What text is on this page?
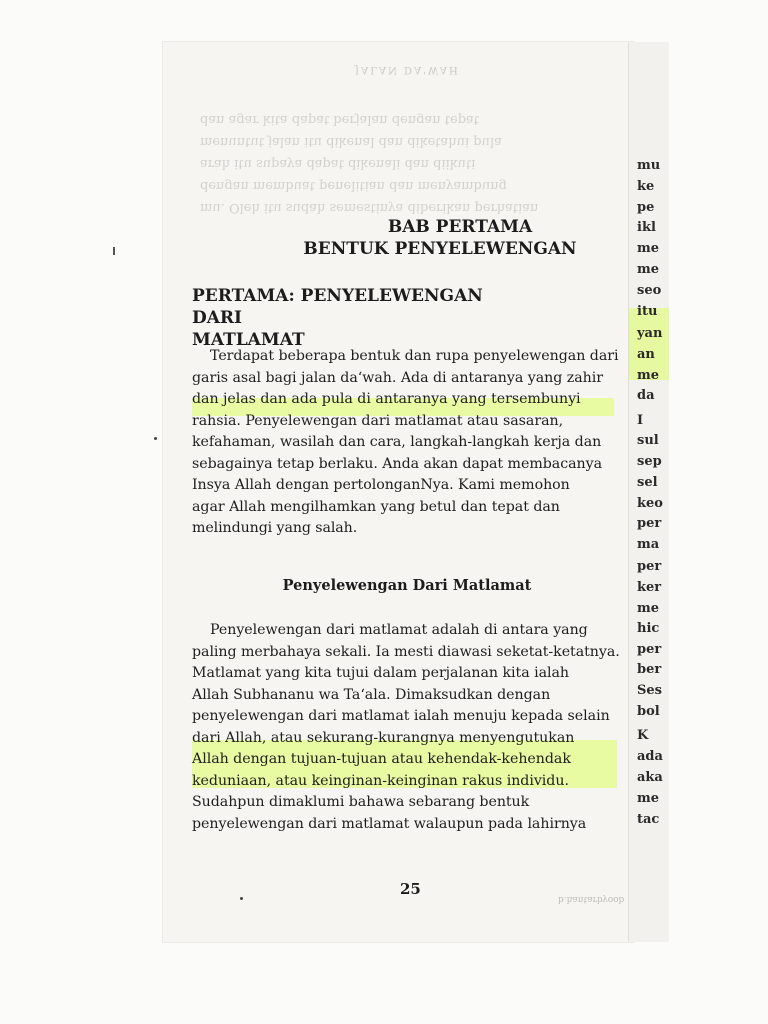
JALAN DA'WAH
mu. Oleh itu sudah semestinya diberikan perhatian
dengan membuat penelitian dan menyambung
arah itu supaya dapat dikenali dan diikuti
menuntut jalan itu dikenal dan diketahui pula
dan agar kita dapat berjalan dengan tepat
mu
ke
pe
ikl
me
me
seo
itu
yan
an
me
da
I
sul
sep
sel
keo
per
ma
per
ker
me
hic
per
ber
Ses
bol
K
ada
aka
me
tac
BAB PERTAMA
BENTUK PENYELEWENGAN
PERTAMA: PENYELEWENGAN DARI
MATLAMAT
Terdapat beberapa bentuk dan rupa penyelewengan dari
garis asal bagi jalan da‘wah. Ada di antaranya yang zahir
dan jelas dan ada pula di antaranya yang tersembunyi
rahsia. Penyelewengan dari matlamat atau sasaran,
kefahaman, wasilah dan cara, langkah-langkah kerja dan
sebagainya tetap berlaku. Anda akan dapat membacanya
Insya Allah dengan pertolonganNya. Kami memohon
agar Allah mengilhamkan yang betul dan tepat dan
melindungi yang salah.
Penyelewengan Dari Matlamat
Penyelewengan dari matlamat adalah di antara yang
paling merbahaya sekali. Ia mesti diawasi seketat-ketatnya.
Matlamat yang kita tujui dalam perjalanan kita ialah
Allah Subhananu wa Ta‘ala. Dimaksudkan dengan
penyelewengan dari matlamat ialah menuju kepada selain
dari Allah, atau sekurang-kurangnya menyengutukan
Allah dengan tujuan-tujuan atau kehendak-kehendak
keduniaan, atau keinginan-keinginan rakus individu.
Sudahpun dimaklumi bahawa sebarang bentuk
penyelewengan dari matlamat walaupun pada lahirnya
25
b.hantarbyoob
